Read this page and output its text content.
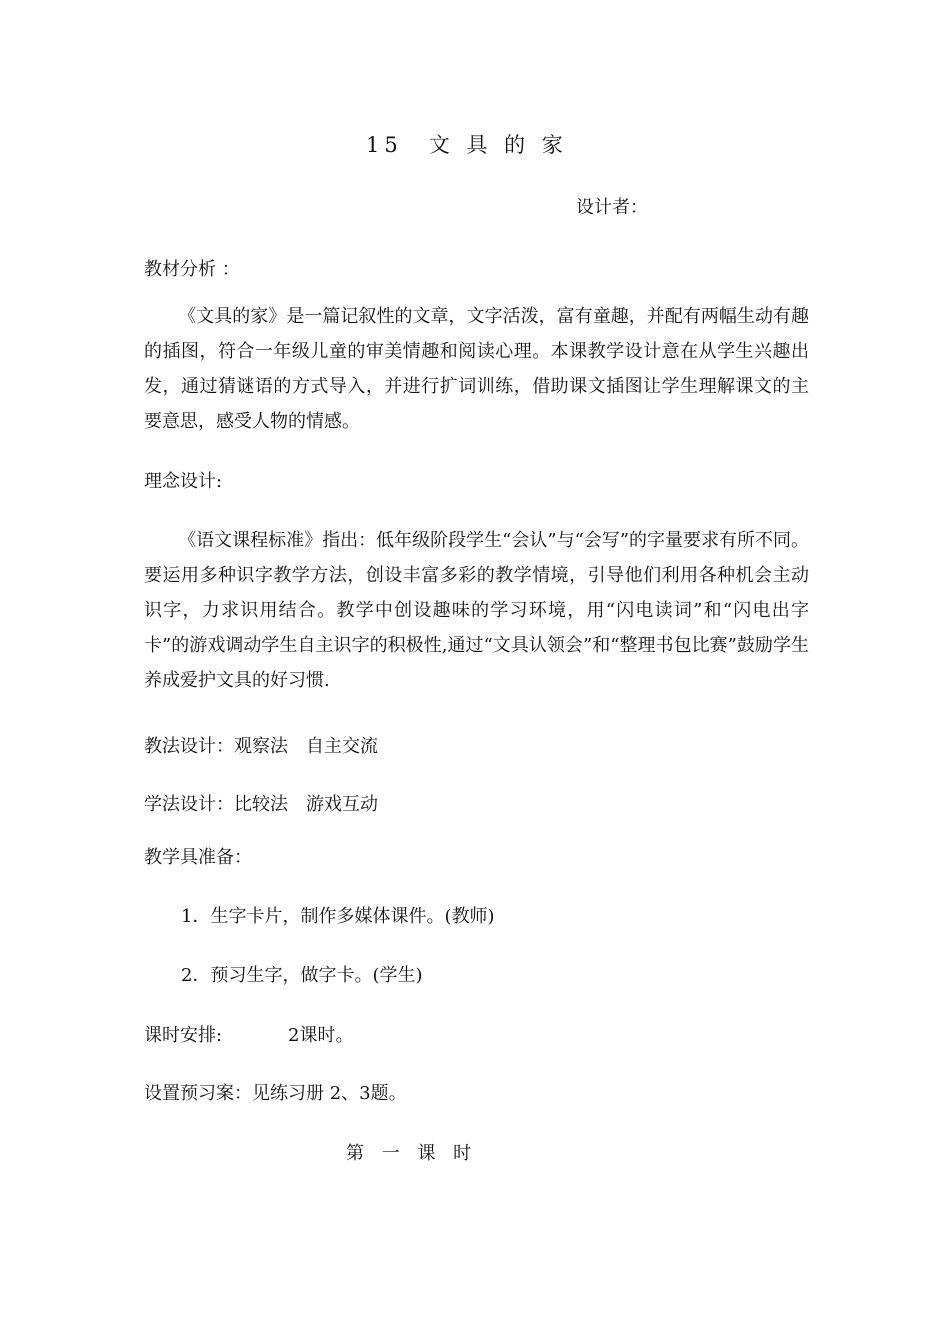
15　文 具 的 家
设计者：
教材分析 ：
《文具的家》是一篇记叙性的文章，文字活泼，富有童趣，并配有两幅生动有趣的插图，符合一年级儿童的审美情趣和阅读心理。本课教学设计意在从学生兴趣出发，通过猜谜语的方式导入，并进行扩词训练，借助课文插图让学生理解课文的主要意思，感受人物的情感。
理念设计:
《语文课程标准》指出：低年级阶段学生“会认”与“会写”的字量要求有所不同。要运用多种识字教学方法，创设丰富多彩的教学情境，引导他们利用各种机会主动识字，力求识用结合。教学中创设趣味的学习环境，用“闪电读词”和“闪电出字卡”的游戏调动学生自主识字的积极性,通过“文具认领会”和“整理书包比赛”鼓励学生养成爱护文具的好习惯.
教法设计：观察法　自主交流
学法设计：比较法　游戏互动
教学具准备：
1．生字卡片，制作多媒体课件。(教师)
2．预习生字，做字卡。(学生)
课时安排:	2课时。
设置预习案：见练习册 2、3题。
第 一 课 时
